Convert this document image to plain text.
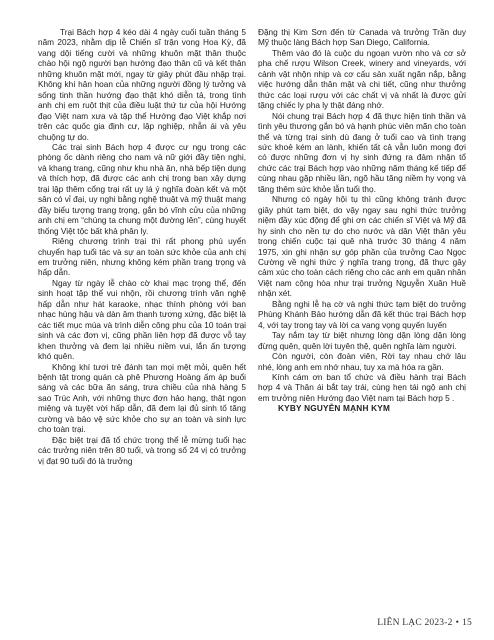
Trại Bách hợp 4 kéo dài 4 ngày cuối tuần tháng 5 năm 2023, nhằm dịp lễ Chiến sĩ trận vong Hoa Kỳ, đã vang dội tiếng cười và những khuôn mặt thân thuộc chào hội ngộ người bạn hướng đạo thân cũ và kết thân những khuôn mặt mới, ngay từ giây phút đầu nhập trại. Không khí hân hoan của những người đồng lý tưởng và sống tinh thần hướng đạo thật khó diễn tả, trong tình anh chị em ruột thịt của điều luật thứ tư của hội Hướng đạo Việt nam xưa và tập thể Hướng đạo Việt khắp nơi trên các quốc gia định cư, lập nghiệp, nhẫn ái và yêu chuộng tự do.

Các trại sinh Bách hợp 4 được cư ngụ trong các phòng ốc dành riêng cho nam và nữ giới đầy tiện nghi, và khang trang, cũng như khu nhà ăn, nhà bếp tiện dụng và thích hợp, đã được các anh chị trong ban xây dựng trại lập thêm cổng trại rất uy lá ý nghĩa đoàn kết và một sân có vỉ đại, uy nghi bằng nghệ thuật và mỹ thuật mang đầy biểu tượng trang trọng, gắn bó vĩnh cửu của những anh chị em “chúng ta chung một đường lên”, cùng huyết thống Việt tộc bất khả phân ly.

Riêng chương trình trại thì rất phong phú uyển chuyển hạp tuổi tác và sự an toàn sức khỏe của anh chị em trưởng niên, nhưng không kém phần trang trọng và hấp dẫn.

Ngay từ ngày lễ chào cờ khai mạc trọng thể, đến sinh hoạt tập thể vui nhộn, rồi chương trình văn nghệ hấp dẫn như hát karaoke, nhạc thính phòng với ban nhạc hùng hậu và dàn âm thanh tương xứng, đặc biệt là các tiết mục múa và trình diễn công phu của 10 toán trại sinh và các đơn vị, cũng phần liên hợp đã được vỗ tay khen thưởng và đem lại nhiều niềm vui, lắn ấn tượng khó quên.

Không khí tươi trẻ đánh tan mọi mệt mỏi, quên hết bệnh tật trong quán cà phê Phương Hoàng ấm áp buổi sáng và các bữa ăn sáng, trưa chiều của nhà hàng 5 sao Trúc Anh, với những thực đơn hảo hạng, thật ngon miệng và tuyệt vời hấp dẫn, đã đem lại đủ sinh tố tăng cường và bảo vệ sức khỏe cho sự an toàn và sinh lực cho toàn trại.

Đặc biệt trại đã tổ chức trọng thể lễ mừng tuổi hạc các trưởng niên trên 80 tuổi, và trong số 24 vị có trưởng vị đạt 90 tuổi đó là trưởng

Đặng thị Kim Sơn đến từ Canada và trưởng Trần duy Mỹ thuộc làng Bách hợp San Diego, California.

Thêm vào đó là cuộc du ngoạn vườn nho và cơ sở pha chế rượu Wilson Creek, winery and vineyards, với cảnh vật nhộn nhịp và cơ cấu sản xuất ngăn nắp, bằng việc hướng dẫn thân mật và chi tiết, cũng như thưởng thức các loại rượu với các chất vị và nhất là được gửi tặng chiếc ly pha ly thật đáng nhớ.

Nói chung trại Bách hợp 4 đã thực hiện tinh thần và tình yêu thương gắn bó và hạnh phúc viên mãn cho toàn thể và từng trại sinh dù đang ở tuổi cao và tình trạng sức khoẻ kém an lành, khiến tất cả vẫn luôn mong đợi có được những đơn vị hy sinh đứng ra đảm nhận tổ chức các trại Bách hợp vào những năm tháng kế tiếp để cùng nhau gặp nhiều lần, ngõ hầu tăng niềm hy vọng và tăng thêm sức khỏe lẫn tuổi thọ.

Nhưng có ngày hội tụ thì cũng không tránh được giây phút tạm biệt, do vậy ngay sau nghi thức trưởng niệm đầy xúc động để ghi ơn các chiến sĩ Việt và Mỹ đã hy sinh cho nền tự do cho nước và dân Việt thân yêu trong chiến cuộc tại quê nhà trước 30 tháng 4 năm 1975, xin ghi nhận sự góp phần của trưởng Cao Ngọc Cường về nghi thức ý nghĩa trang trọng, đã thực gây cảm xúc cho toàn cách riêng cho các anh em quân nhân Việt nam cộng hòa như trại trưởng Nguyễn Xuân Huề nhận xét.

Bằng nghi lễ hạ cờ và nghi thức tạm biệt do trưởng Phùng Khánh Bảo hướng dẫn đã kết thúc trại Bách hợp 4, với tay trong tay và lời ca vang vọng quyến luyến

Tay nắm tay từ biệt nhưng lòng dặn lòng dặn lòng đừng quên, quên lời tuyên thệ, quên nghĩa làm người.

Còn người, còn đoàn viên, Rời tay nhau chớ lâu nhé, lòng anh em nhớ nhau, tuy xa mà hóa ra gần.

Kính cám ơn ban tổ chức và điều hành trại Bách hợp 4 và Thân ái bắt tay trái, cùng hẹn tái ngộ anh chị em trưởng niên Hướng đạo Việt nam tại Bách hợp 5 .

KYBY NGUYỄN MẠNH KYM

LIÊN LẠC 2023-2 • 15
